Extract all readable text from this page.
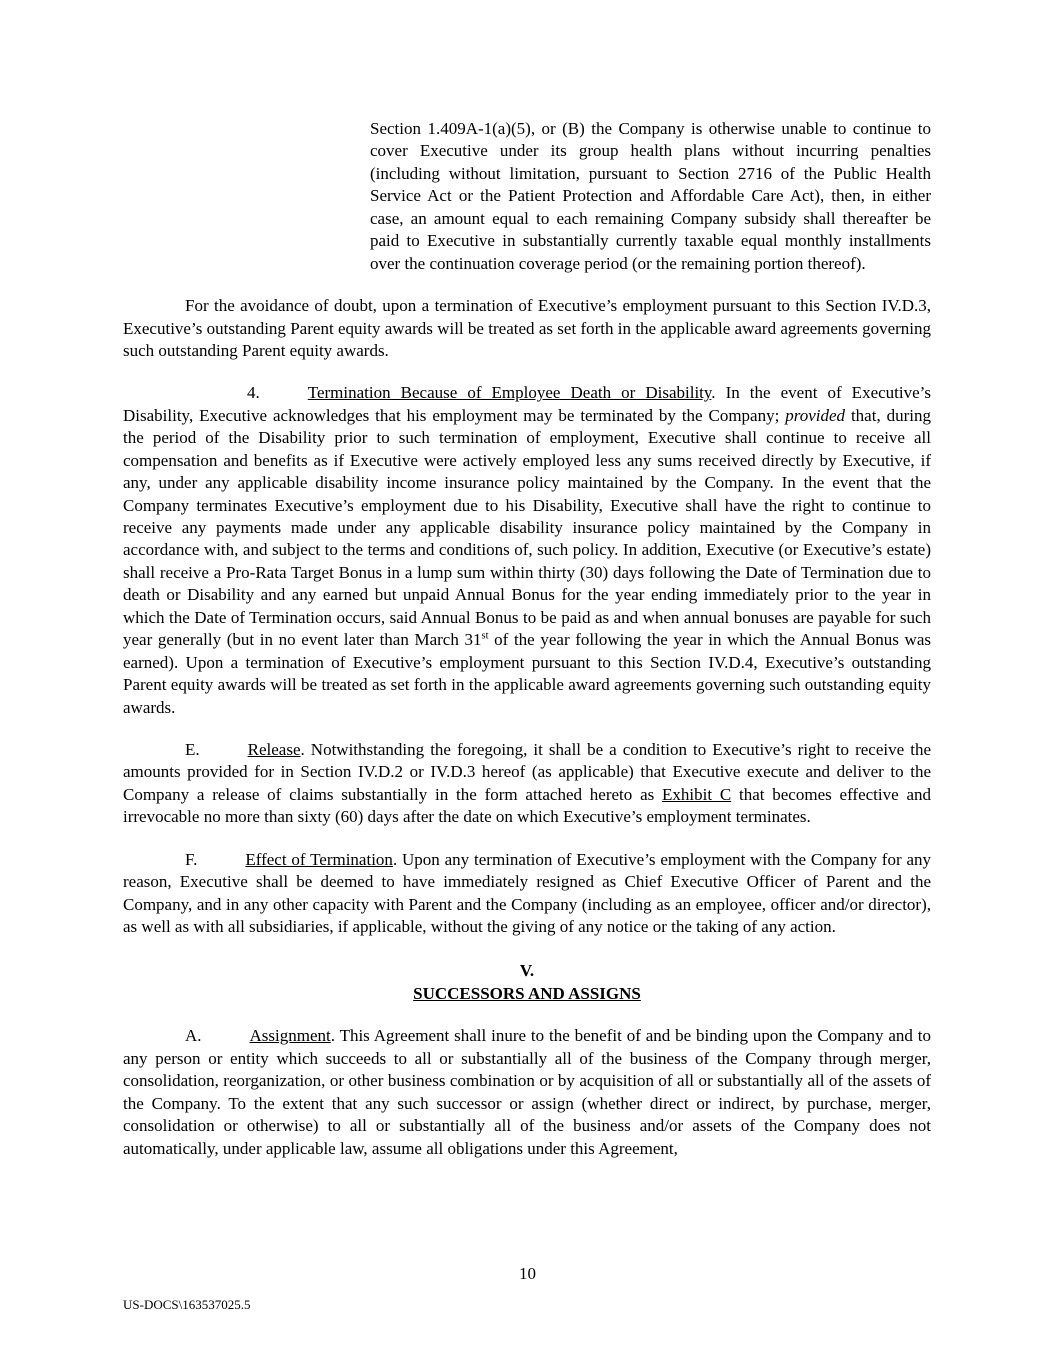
Section 1.409A-1(a)(5), or (B) the Company is otherwise unable to continue to cover Executive under its group health plans without incurring penalties (including without limitation, pursuant to Section 2716 of the Public Health Service Act or the Patient Protection and Affordable Care Act), then, in either case, an amount equal to each remaining Company subsidy shall thereafter be paid to Executive in substantially currently taxable equal monthly installments over the continuation coverage period (or the remaining portion thereof).

For the avoidance of doubt, upon a termination of Executive’s employment pursuant to this Section IV.D.3, Executive’s outstanding Parent equity awards will be treated as set forth in the applicable award agreements governing such outstanding Parent equity awards.

4.	Termination Because of Employee Death or Disability. In the event of Executive’s Disability, Executive acknowledges that his employment may be terminated by the Company; provided that, during the period of the Disability prior to such termination of employment, Executive shall continue to receive all compensation and benefits as if Executive were actively employed less any sums received directly by Executive, if any, under any applicable disability income insurance policy maintained by the Company. In the event that the Company terminates Executive’s employment due to his Disability, Executive shall have the right to continue to receive any payments made under any applicable disability insurance policy maintained by the Company in accordance with, and subject to the terms and conditions of, such policy. In addition, Executive (or Executive’s estate) shall receive a Pro-Rata Target Bonus in a lump sum within thirty (30) days following the Date of Termination due to death or Disability and any earned but unpaid Annual Bonus for the year ending immediately prior to the year in which the Date of Termination occurs, said Annual Bonus to be paid as and when annual bonuses are payable for such year generally (but in no event later than March 31st of the year following the year in which the Annual Bonus was earned). Upon a termination of Executive’s employment pursuant to this Section IV.D.4, Executive’s outstanding Parent equity awards will be treated as set forth in the applicable award agreements governing such outstanding equity awards.

E.	Release. Notwithstanding the foregoing, it shall be a condition to Executive’s right to receive the amounts provided for in Section IV.D.2 or IV.D.3 hereof (as applicable) that Executive execute and deliver to the Company a release of claims substantially in the form attached hereto as Exhibit C that becomes effective and irrevocable no more than sixty (60) days after the date on which Executive’s employment terminates.

F.	Effect of Termination. Upon any termination of Executive’s employment with the Company for any reason, Executive shall be deemed to have immediately resigned as Chief Executive Officer of Parent and the Company, and in any other capacity with Parent and the Company (including as an employee, officer and/or director), as well as with all subsidiaries, if applicable, without the giving of any notice or the taking of any action.

V.
SUCCESSORS AND ASSIGNS

A.	Assignment. This Agreement shall inure to the benefit of and be binding upon the Company and to any person or entity which succeeds to all or substantially all of the business of the Company through merger, consolidation, reorganization, or other business combination or by acquisition of all or substantially all of the assets of the Company. To the extent that any such successor or assign (whether direct or indirect, by purchase, merger, consolidation or otherwise) to all or substantially all of the business and/or assets of the Company does not automatically, under applicable law, assume all obligations under this Agreement,

10
US-DOCS\163537025.5
